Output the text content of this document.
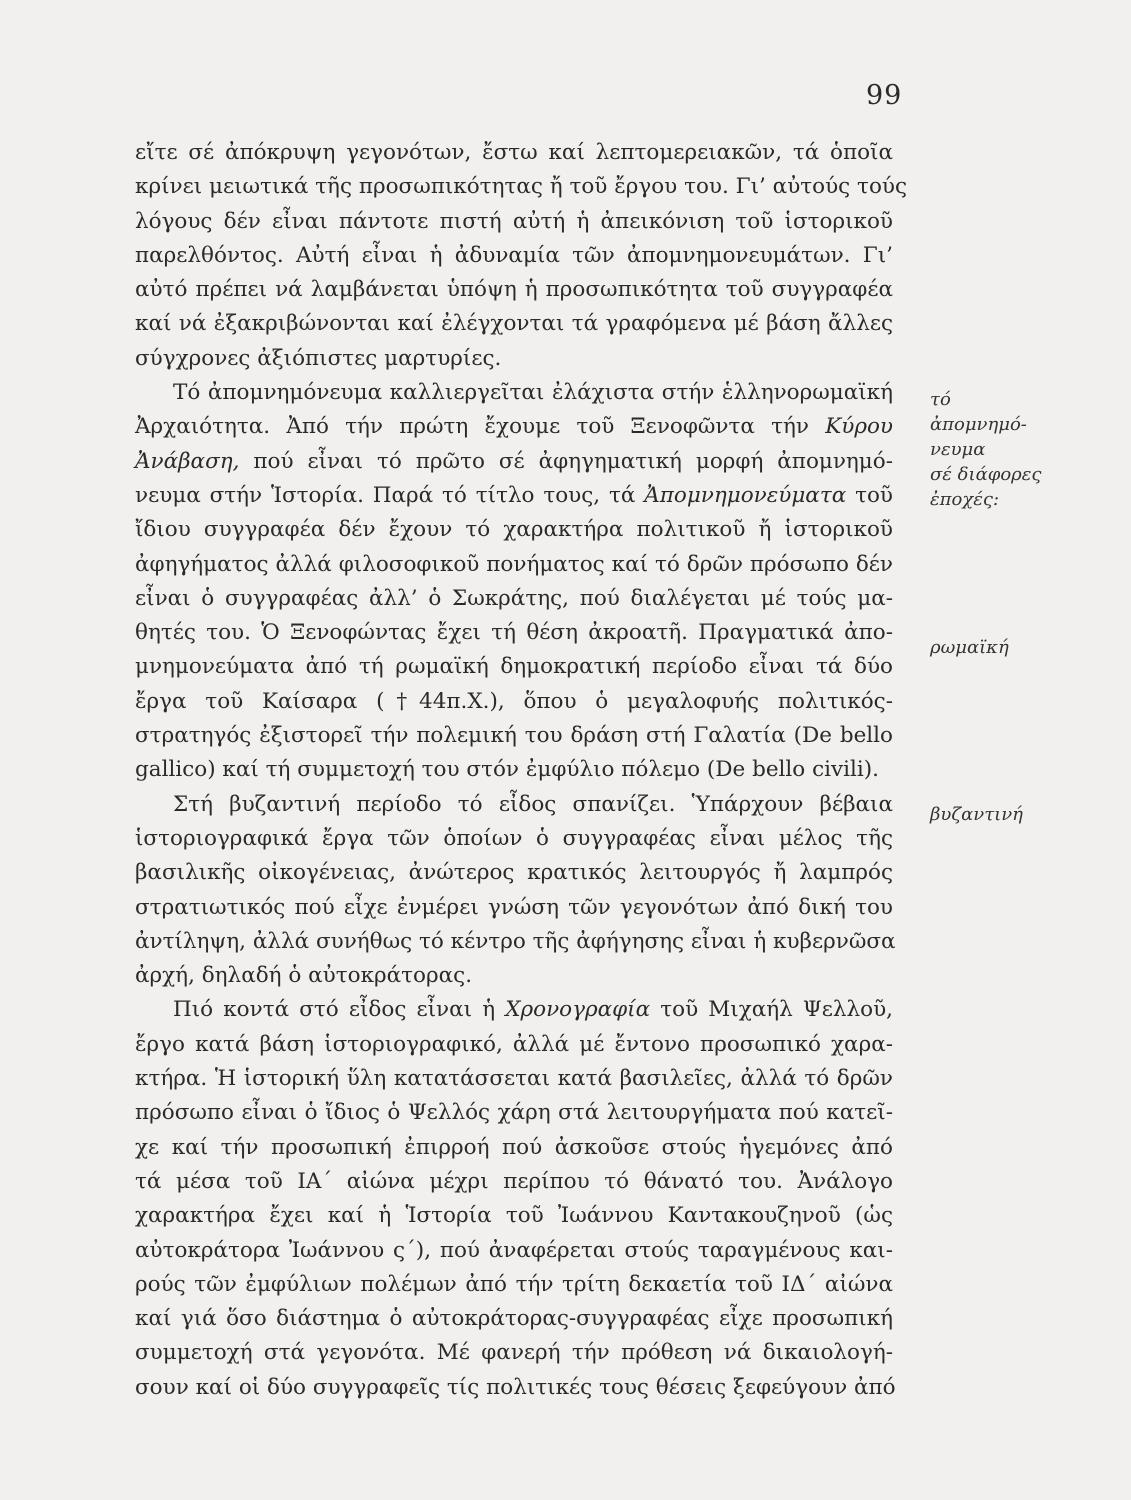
99
εἴτε σέ ἀπόκρυψη γεγονότων, ἔστω καί λεπτομερειακῶν, τά ὁποῖα
κρίνει μειωτικά τῆς προσωπικότητας ἤ τοῦ ἔργου του. Γι’ αὐτούς τούς
λόγους δέν εἶναι πάντοτε πιστή αὐτή ἡ ἀπεικόνιση τοῦ ἱστορικοῦ
παρελθόντος. Αὐτή εἶναι ἡ ἀδυναμία τῶν ἀπομνημονευμάτων. Γι’
αὐτό πρέπει νά λαμβάνεται ὑπόψη ἡ προσωπικότητα τοῦ συγγραφέα
καί νά ἐξακριβώνονται καί ἐλέγχονται τά γραφόμενα μέ βάση ἄλλες
σύγχρονες ἀξιόπιστες μαρτυρίες.
Τό ἀπομνημόνευμα καλλιεργεῖται ἐλάχιστα στήν ἑλληνορωμαϊκή
Ἀρχαιότητα. Ἀπό τήν πρώτη ἔχουμε τοῦ Ξενοφῶντα τήν Κύρου
Ἀνάβαση, πού εἶναι τό πρῶτο σέ ἀφηγηματική μορφή ἀπομνημό-
νευμα στήν Ἱστορία. Παρά τό τίτλο τους, τά Ἀπομνημονεύματα τοῦ
ἴδιου συγγραφέα δέν ἔχουν τό χαρακτήρα πολιτικοῦ ἤ ἱστορικοῦ
ἀφηγήματος ἀλλά φιλοσοφικοῦ πονήματος καί τό δρῶν πρόσωπο δέν
εἶναι ὁ συγγραφέας ἀλλ’ ὁ Σωκράτης, πού διαλέγεται μέ τούς μα-
θητές του. Ὁ Ξενοφώντας ἔχει τή θέση ἀκροατῆ. Πραγματικά ἀπο-
μνημονεύματα ἀπό τή ρωμαϊκή δημοκρατική περίοδο εἶναι τά δύο
ἔργα τοῦ Καίσαρα (†44π.Χ.), ὅπου ὁ μεγαλοφυής πολιτικός-
στρατηγός ἐξιστορεῖ τήν πολεμική του δράση στή Γαλατία (De bello
gallico) καί τή συμμετοχή του στόν ἐμφύλιο πόλεμο (De bello civili).
Στή βυζαντινή περίοδο τό εἶδος σπανίζει. Ὑπάρχουν βέβαια
ἱστοριογραφικά ἔργα τῶν ὁποίων ὁ συγγραφέας εἶναι μέλος τῆς
βασιλικῆς οἰκογένειας, ἀνώτερος κρατικός λειτουργός ἤ λαμπρός
στρατιωτικός πού εἶχε ἐνμέρει γνώση τῶν γεγονότων ἀπό δική του
ἀντίληψη, ἀλλά συνήθως τό κέντρο τῆς ἀφήγησης εἶναι ἡ κυβερνῶσα
ἀρχή, δηλαδή ὁ αὐτοκράτορας.
Πιό κοντά στό εἶδος εἶναι ἡ Χρονογραφία τοῦ Μιχαήλ Ψελλοῦ,
ἔργο κατά βάση ἱστοριογραφικό, ἀλλά μέ ἔντονο προσωπικό χαρα-
κτήρα. Ἡ ἱστορική ὕλη κατατάσσεται κατά βασιλεῖες, ἀλλά τό δρῶν
πρόσωπο εἶναι ὁ ἴδιος ὁ Ψελλός χάρη στά λειτουργήματα πού κατεῖ-
χε καί τήν προσωπική ἐπιρροή πού ἀσκοῦσε στούς ἡγεμόνες ἀπό
τά μέσα τοῦ ΙΑ´ αἰώνα μέχρι περίπου τό θάνατό του. Ἀνάλογο
χαρακτήρα ἔχει καί ἡ Ἱστορία τοῦ Ἰωάννου Καντακουζηνοῦ (ὡς
αὐτοκράτορα Ἰωάννου ς´), πού ἀναφέρεται στούς ταραγμένους και-
ρούς τῶν ἐμφύλιων πολέμων ἀπό τήν τρίτη δεκαετία τοῦ ΙΔ´ αἰώνα
καί γιά ὅσο διάστημα ὁ αὐτοκράτορας-συγγραφέας εἶχε προσωπική
συμμετοχή στά γεγονότα. Μέ φανερή τήν πρόθεση νά δικαιολογή-
σουν καί οἱ δύο συγγραφεῖς τίς πολιτικές τους θέσεις ξεφεύγουν ἀπό
τό
ἀπομνημό-
νευμα
σέ διάφορες
ἐποχές:
ρωμαϊκή
βυζαντινή
